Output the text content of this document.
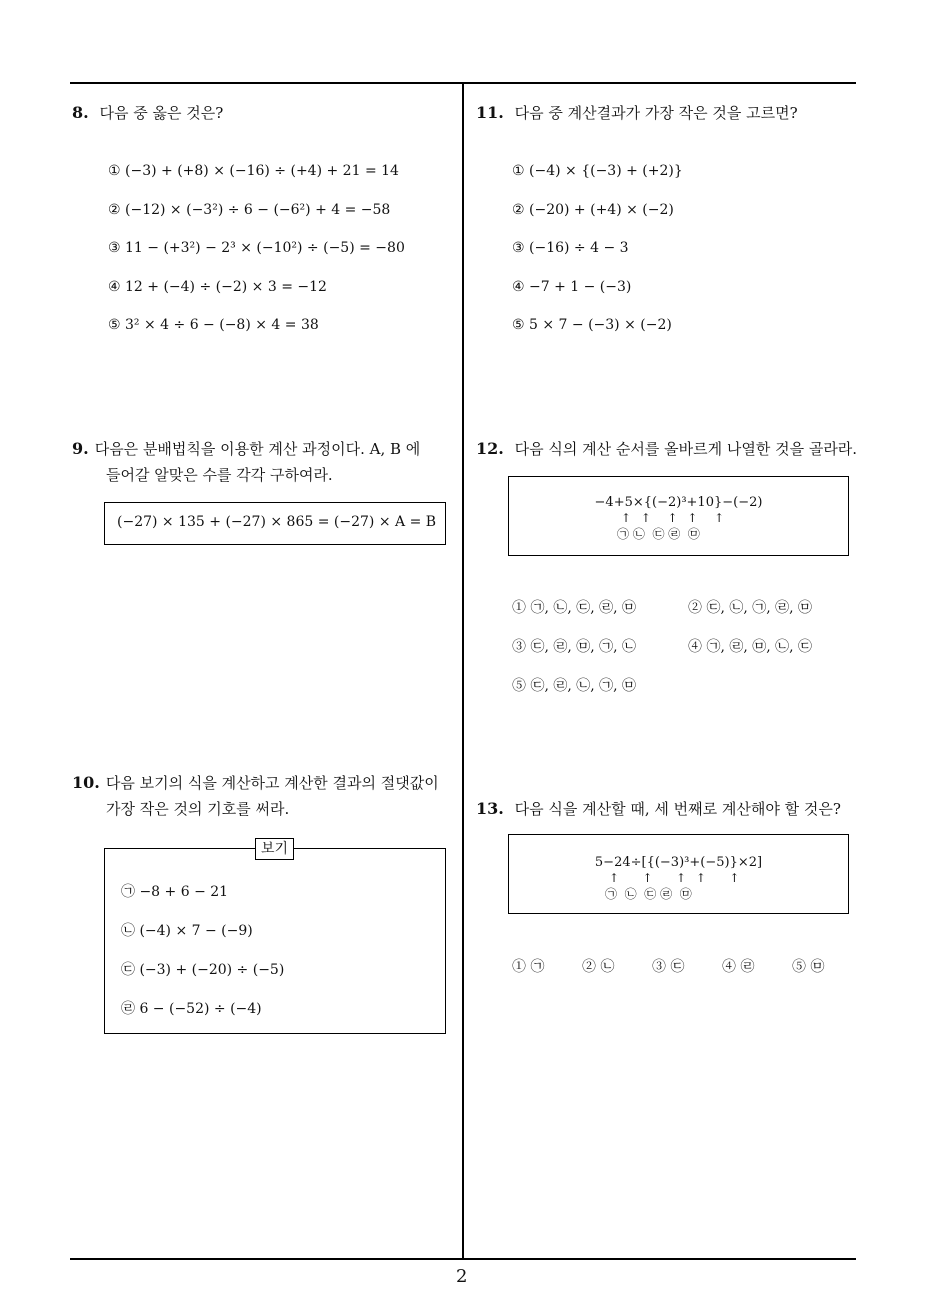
8. 다음 중 옳은 것은?
① (−3) + (+8) × (−16) ÷ (+4) + 21 = 14
② (−12) × (−3²) ÷ 6 − (−6²) + 4 = −58
③ 11 − (+3²) − 2³ × (−10²) ÷ (−5) = −80
④ 12 + (−4) ÷ (−2) × 3 = −12
⑤ 3² × 4 ÷ 6 − (−8) × 4 = 38
9. 다음은 분배법칙을 이용한 계산 과정이다. A, B 에
들어갈 알맞은 수를 각각 구하여라.
(−27) × 135 + (−27) × 865 = (−27) × A = B
10. 다음 보기의 식을 계산하고 계산한 결과의 절댓값이
가장 작은 것의 기호를 써라.
㉠ −8 + 6 − 21
㉡ (−4) × 7 − (−9)
㉢ (−3) + (−20) ÷ (−5)
㉣ 6 − (−52) ÷ (−4)
보기
11. 다음 중 계산결과가 가장 작은 것을 고르면?
① (−4) × {(−3) + (+2)}
② (−20) + (+4) × (−2)
③ (−16) ÷ 4 − 3
④ −7 + 1 − (−3)
⑤ 5 × 7 − (−3) × (−2)
12. 다음 식의 계산 순서를 올바르게 나열한 것을 골라라.
−4+5×{(−2)³+10}−(−2)
↑ ↑  ↑ ↑  ↑
㉠ ㉡  ㉢ ㉣  ㉤
① ㉠, ㉡, ㉢, ㉣, ㉤	② ㉢, ㉡, ㉠, ㉣, ㉤
③ ㉢, ㉣, ㉤, ㉠, ㉡	④ ㉠, ㉣, ㉤, ㉡, ㉢
⑤ ㉢, ㉣, ㉡, ㉠, ㉤
13. 다음 식을 계산할 때, 세 번째로 계산해야 할 것은?
5−24÷[{(−3)³+(−5)}×2]
↑   ↑   ↑ ↑   ↑
㉠  ㉡  ㉢ ㉣  ㉤
① ㉠	② ㉡	③ ㉢	④ ㉣	⑤ ㉤
2
